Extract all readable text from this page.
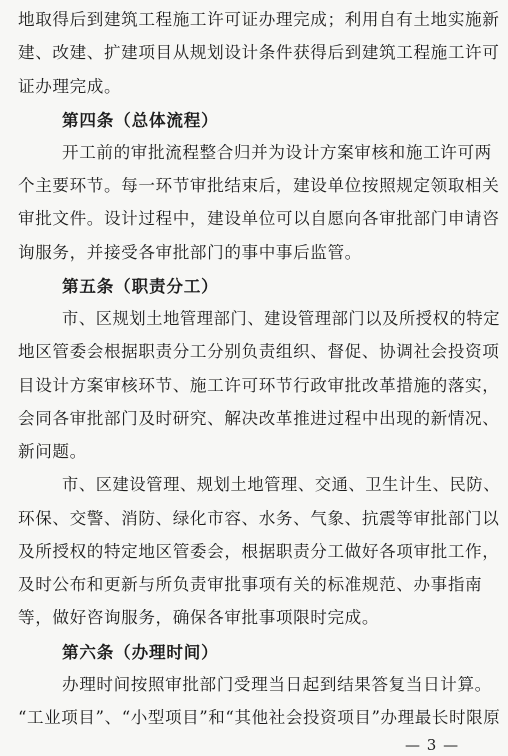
地取得后到建筑工程施工许可证办理完成；利用自有土地实施新
建、改建、扩建项目从规划设计条件获得后到建筑工程施工许可
证办理完成。
第四条（总体流程）
开工前的审批流程整合归并为设计方案审核和施工许可两
个主要环节。每一环节审批结束后，建设单位按照规定领取相关
审批文件。设计过程中，建设单位可以自愿向各审批部门申请咨
询服务，并接受各审批部门的事中事后监管。
第五条（职责分工）
市、区规划土地管理部门、建设管理部门以及所授权的特定
地区管委会根据职责分工分别负责组织、督促、协调社会投资项
目设计方案审核环节、施工许可环节行政审批改革措施的落实，
会同各审批部门及时研究、解决改革推进过程中出现的新情况、
新问题。
市、区建设管理、规划土地管理、交通、卫生计生、民防、
环保、交警、消防、绿化市容、水务、气象、抗震等审批部门以
及所授权的特定地区管委会，根据职责分工做好各项审批工作，
及时公布和更新与所负责审批事项有关的标准规范、办事指南
等，做好咨询服务，确保各审批事项限时完成。
第六条（办理时间）
办理时间按照审批部门受理当日起到结果答复当日计算。
“工业项目”、“小型项目”和“其他社会投资项目”办理最长时限原
— 3 —
